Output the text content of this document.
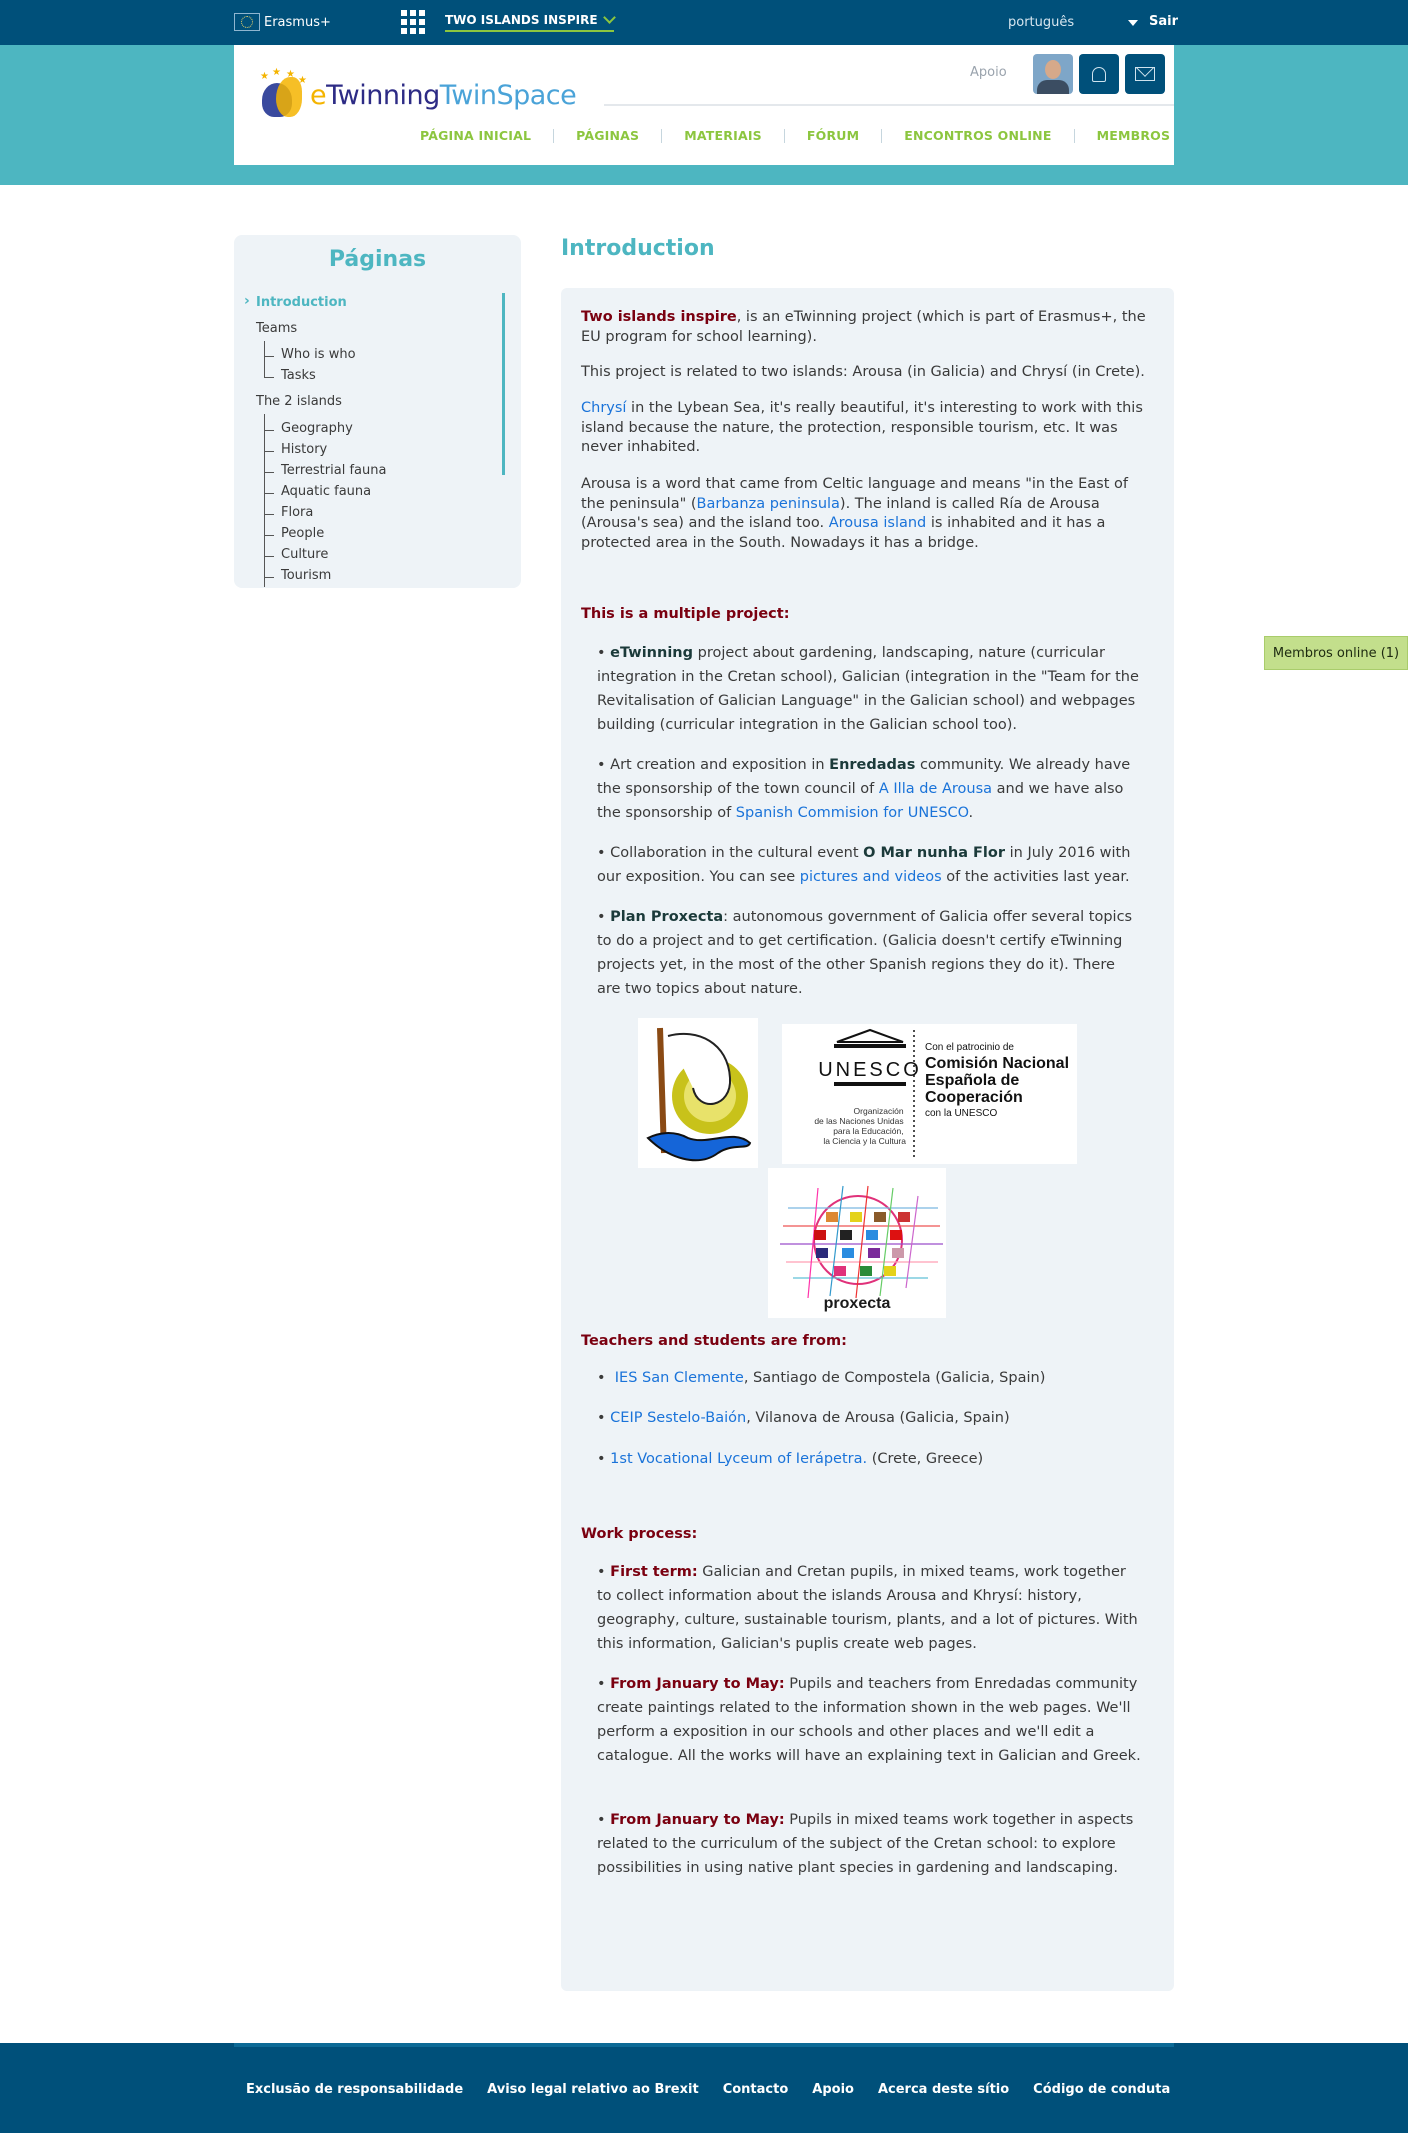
Erasmus+	TWO ISLANDS INSPIRE	português	Sair
★ ★ ★
★ eTwinningTwinSpace
Apoio
PÁGINA INICIAL	PÁGINAS	MATERIAIS	FÓRUM	ENCONTROS ONLINE	MEMBROS
Páginas
› Introduction
Teams
Who is who
Tasks
The 2 islands
Geography
History
Terrestrial fauna
Aquatic fauna
Flora
People
Culture
Tourism
Introduction

Two islands inspire, is an eTwinning project (which is part of Erasmus+, the EU program for school learning).

This project is related to two islands: Arousa (in Galicia) and Chrysí (in Crete).

Chrysí in the Lybean Sea, it's really beautiful, it's interesting to work with this island because the nature, the protection, responsible tourism, etc. It was never inhabited.

Arousa is a word that came from Celtic language and means "in the East of the peninsula" (Barbanza peninsula). The inland is called Ría de Arousa (Arousa's sea) and the island too. Arousa island is inhabited and it has a protected area in the South. Nowadays it has a bridge.

This is a multiple project:

• eTwinning project about gardening, landscaping, nature (curricular integration in the Cretan school), Galician (integration in the "Team for the Revitalisation of Galician Language" in the Galician school) and webpages building (curricular integration in the Galician school too).

• Art creation and exposition in Enredadas community. We already have the sponsorship of the town council of A Illa de Arousa and we have also the sponsorship of Spanish Commision for UNESCO.

• Collaboration in the cultural event O Mar nunha Flor in July 2016 with our exposition. You can see pictures and videos of the activities last year.

• Plan Proxecta: autonomous government of Galicia offer several topics to do a project and to get certification. (Galicia doesn't certify eTwinning projects yet, in the most of the other Spanish regions they do it). There are two topics about nature.

UNESCO
Organización de las Naciones Unidas para la Educación, la Ciencia y la Cultura
Con el patrocinio de
Comisión Nacional
Española de
Cooperación
con la UNESCO
proxecta
Teachers and students are from:

•  IES San Clemente, Santiago de Compostela (Galicia, Spain)

• CEIP Sestelo-Baión, Vilanova de Arousa (Galicia, Spain)

• 1st Vocational Lyceum of Ierápetra. (Crete, Greece)

Work process:

• First term: Galician and Cretan pupils, in mixed teams, work together to collect information about the islands Arousa and Khrysí: history, geography, culture, sustainable tourism, plants, and a lot of pictures. With this information, Galician's puplis create web pages.

• From January to May: Pupils and teachers from Enredadas community create paintings related to the information shown in the web pages. We'll perform a exposition in our schools and other places and we'll edit a catalogue. All the works will have an explaining text in Galician and Greek.

• From January to May: Pupils in mixed teams work together in aspects related to the curriculum of the subject of the Cretan school: to explore possibilities in using native plant species in gardening and landscaping.

Membros online (1)
Exclusão de responsabilidade Aviso legal relativo ao Brexit Contacto Apoio Acerca deste sítio Código de conduta
